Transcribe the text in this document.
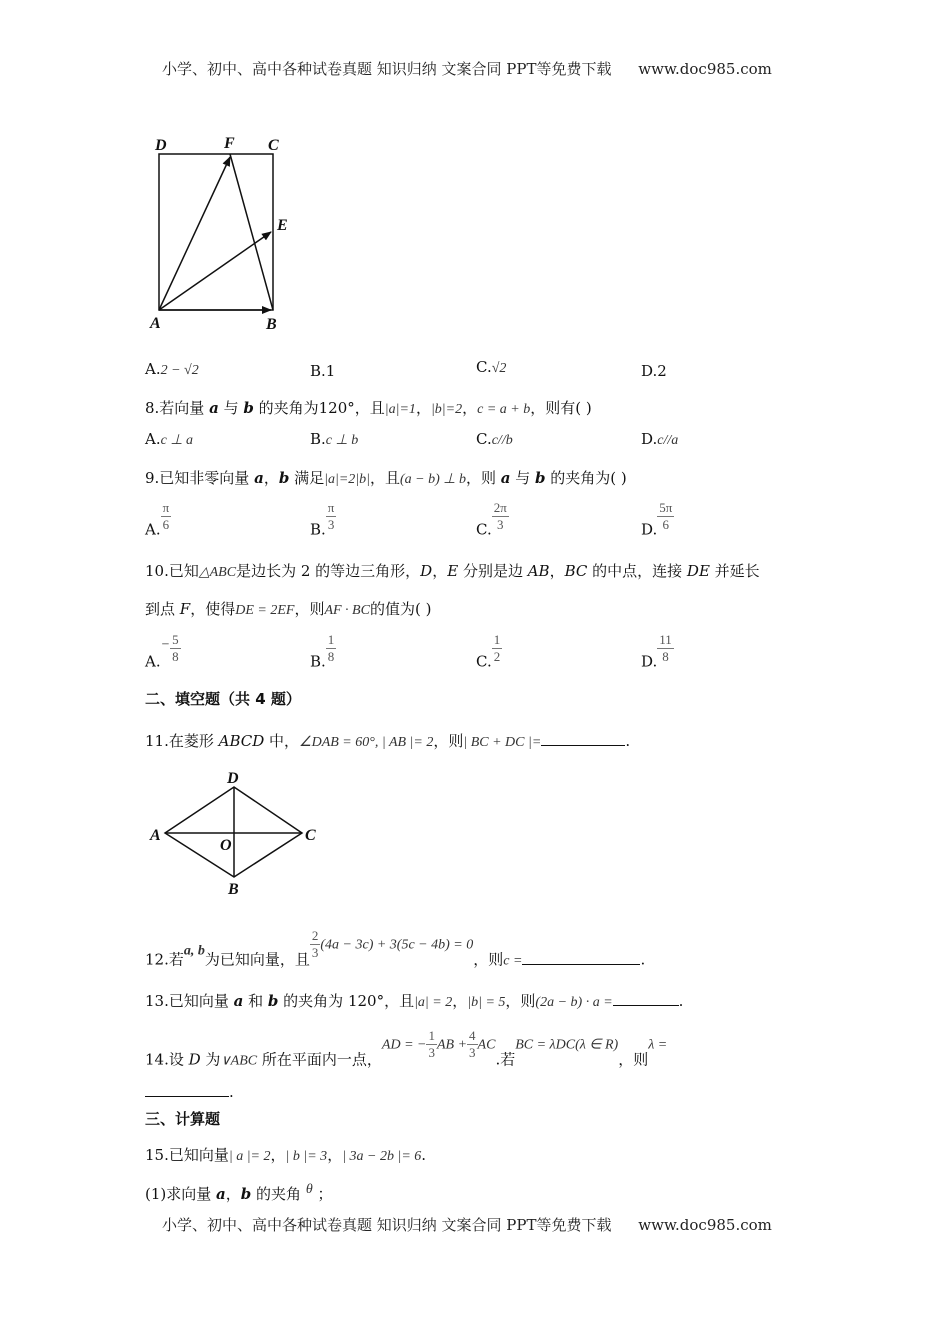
小学、初中、高中各种试卷真题 知识归纳 文案合同 PPT等免费下载 www.doc985.com
D	F C
E
A	B
A.2 − √2	B.1	C.√2	D.2
8.若向量 a 与 b 的夹角为120°，且|a|=1，|b|=2，c = a + b，则有( )
A.c ⊥ a	B.c ⊥ b	C.c//b	D.c//a
9.已知非零向量 a，b 满足|a|=2|b|，且(a − b) ⊥ b，则 a 与 b 的夹角为( )
A. $\frac{\pi}{6}$	B. $\frac{\pi}{3}$	C. $\frac{2\pi}{3}$	D. $\frac{5\pi}{6}$
10.已知△ABC是边长为 2 的等边三角形，D，E 分别是边 AB，BC 的中点，连接 DE 并延长
到点 F，使得DE = 2EF，则AF · BC的值为( )
$A.- \frac{5}{8}$	B. $\frac{1}{8}$	C. $\frac{1}{2}$	D. $\frac{11}{8}$
二、填空题（共 4 题）
11.在菱形 ABCD 中，∠DAB = 60°, | AB |= 2，则| BC + DC |=	.
D
A	C
O
B
12.若a, b为已知向量，且 $\frac{2}{3} (4a - 3c) + 3(5c - 4b) = 0$，则c =	.
13.已知向量 a 和 b 的夹角为 120°，且|a| = 2，|b| = 5，则(2a − b) · a =	.
14.设 D 为∨ABC 所在平面内一点，AD = − $\frac{1}{3}$ AB + $\frac{4}{3}$ AC.若BC = λDC(λ ∈ R)，则λ =
.
三、计算题
15.已知向量| a |= 2，| b |= 3，| 3a − 2b |= 6.
(1)求向量 a，b 的夹角 θ ；
小学、初中、高中各种试卷真题 知识归纳 文案合同 PPT等免费下载 www.doc985.com
